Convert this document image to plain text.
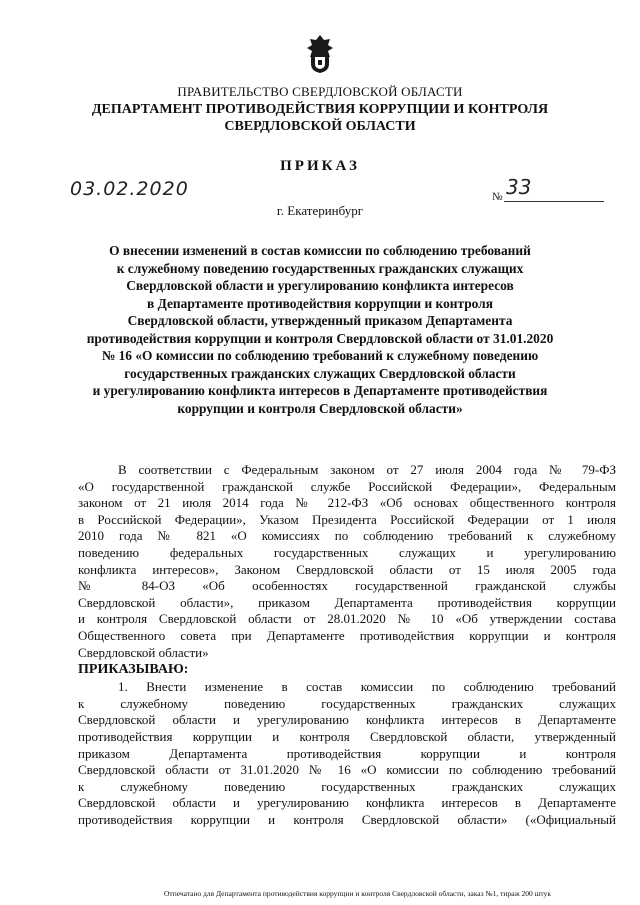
ПРАВИТЕЛЬСТВО СВЕРДЛОВСКОЙ ОБЛАСТИ
ДЕПАРТАМЕНТ ПРОТИВОДЕЙСТВИЯ КОРРУПЦИИ И КОНТРОЛЯ
СВЕРДЛОВСКОЙ ОБЛАСТИ
ПРИКАЗ
03.02.2020	№ 33
г. Екатеринбург
О внесении изменений в состав комиссии по соблюдению требований
к служебному поведению государственных гражданских служащих
Свердловской области и урегулированию конфликта интересов
в Департаменте противодействия коррупции и контроля
Свердловской области, утвержденный приказом Департамента
противодействия коррупции и контроля Свердловской области от 31.01.2020
№ 16 «О комиссии по соблюдению требований к служебному поведению
государственных гражданских служащих Свердловской области
и урегулированию конфликта интересов в Департаменте противодействия
коррупции и контроля Свердловской области»
В соответствии с Федеральным законом от 27 июля 2004 года № 79-ФЗ
«О государственной гражданской службе Российской Федерации», Федеральным
законом от 21 июля 2014 года № 212-ФЗ «Об основах общественного контроля
в Российской Федерации», Указом Президента Российской Федерации от 1 июля
2010 года № 821 «О комиссиях по соблюдению требований к служебному
поведению федеральных государственных служащих и урегулированию
конфликта интересов», Законом Свердловской области от 15 июля 2005 года
№ 84-ОЗ «Об особенностях государственной гражданской службы
Свердловской области», приказом Департамента противодействия коррупции
и контроля Свердловской области от 28.01.2020 № 10 «Об утверждении состава
Общественного совета при Департаменте противодействия коррупции и контроля
Свердловской области»
ПРИКАЗЫВАЮ:
1. Внести изменение в состав комиссии по соблюдению требований
к служебному поведению государственных гражданских служащих
Свердловской области и урегулированию конфликта интересов в Департаменте
противодействия коррупции и контроля Свердловской области, утвержденный
приказом Департамента противодействия коррупции и контроля
Свердловской области от 31.01.2020 № 16 «О комиссии по соблюдению требований
к служебному поведению государственных гражданских служащих
Свердловской области и урегулированию конфликта интересов в Департаменте
противодействия коррупции и контроля Свердловской области» («Официальный
Отпечатано для Департамента противодействия коррупции и контроля Свердловской области, заказ №1, тираж 200 штук
